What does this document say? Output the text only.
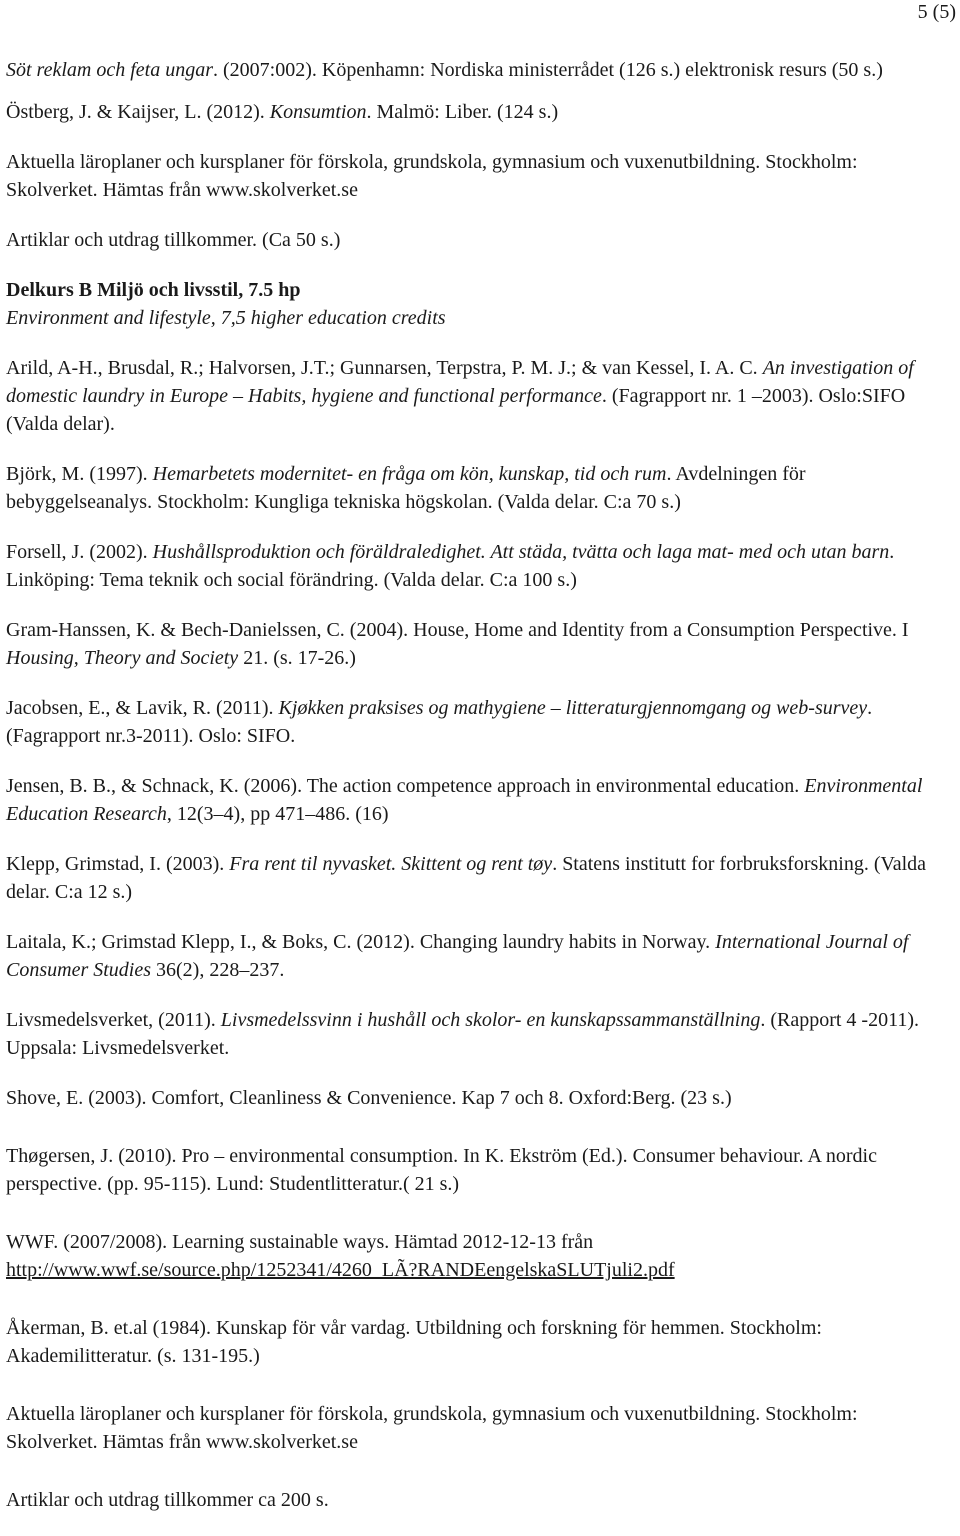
5 (5)
Söt reklam och feta ungar. (2007:002). Köpenhamn: Nordiska ministerrådet (126 s.) elektronisk resurs (50 s.)
Östberg, J. & Kaijser, L. (2012). Konsumtion. Malmö: Liber. (124 s.)
Aktuella läroplaner och kursplaner för förskola, grundskola, gymnasium och vuxenutbildning. Stockholm: Skolverket. Hämtas från www.skolverket.se
Artiklar och utdrag tillkommer. (Ca 50 s.)
Delkurs B Miljö och livsstil, 7.5 hp
Environment and lifestyle, 7,5 higher education credits
Arild, A-H., Brusdal, R.; Halvorsen, J.T.; Gunnarsen, Terpstra, P. M. J.; & van Kessel, I. A. C. An investigation of domestic laundry in Europe – Habits, hygiene and functional performance. (Fagrapport nr. 1 –2003). Oslo:SIFO (Valda delar).
Björk, M. (1997). Hemarbetets modernitet- en fråga om kön, kunskap, tid och rum. Avdelningen för bebyggelseanalys. Stockholm: Kungliga tekniska högskolan. (Valda delar. C:a 70 s.)
Forsell, J. (2002). Hushållsproduktion och föräldraledighet. Att städa, tvätta och laga mat- med och utan barn. Linköping: Tema teknik och social förändring. (Valda delar. C:a 100 s.)
Gram-Hanssen, K. & Bech-Danielssen, C. (2004). House, Home and Identity from a Consumption Perspective. I Housing, Theory and Society 21. (s. 17-26.)
Jacobsen, E., & Lavik, R. (2011). Kjøkken praksises og mathygiene – litteraturgjennomgang og web-survey. (Fagrapport nr.3-2011). Oslo: SIFO.
Jensen, B. B., & Schnack, K. (2006). The action competence approach in environmental education. Environmental Education Research, 12(3–4), pp 471–486. (16)
Klepp, Grimstad, I. (2003). Fra rent til nyvasket. Skittent og rent tøy. Statens institutt for forbruksforskning. (Valda delar. C:a 12 s.)
Laitala, K.; Grimstad Klepp, I., & Boks, C. (2012). Changing laundry habits in Norway. International Journal of Consumer Studies 36(2), 228–237.
Livsmedelsverket, (2011). Livsmedelssvinn i hushåll och skolor- en kunskapssammanställning. (Rapport 4 -2011). Uppsala: Livsmedelsverket.
Shove, E. (2003). Comfort, Cleanliness & Convenience. Kap 7 och 8. Oxford:Berg. (23 s.)
Thøgersen, J. (2010). Pro – environmental consumption. In K. Ekström (Ed.). Consumer behaviour. A nordic perspective. (pp. 95-115). Lund: Studentlitteratur.( 21 s.)
WWF. (2007/2008). Learning sustainable ways. Hämtad 2012-12-13 från http://www.wwf.se/source.php/1252341/4260_LÃ?RANDEengelskaSLUTjuli2.pdf
Åkerman, B. et.al (1984). Kunskap för vår vardag. Utbildning och forskning för hemmen. Stockholm: Akademilitteratur. (s. 131-195.)
Aktuella läroplaner och kursplaner för förskola, grundskola, gymnasium och vuxenutbildning. Stockholm: Skolverket. Hämtas från www.skolverket.se
Artiklar och utdrag tillkommer ca 200 s.
